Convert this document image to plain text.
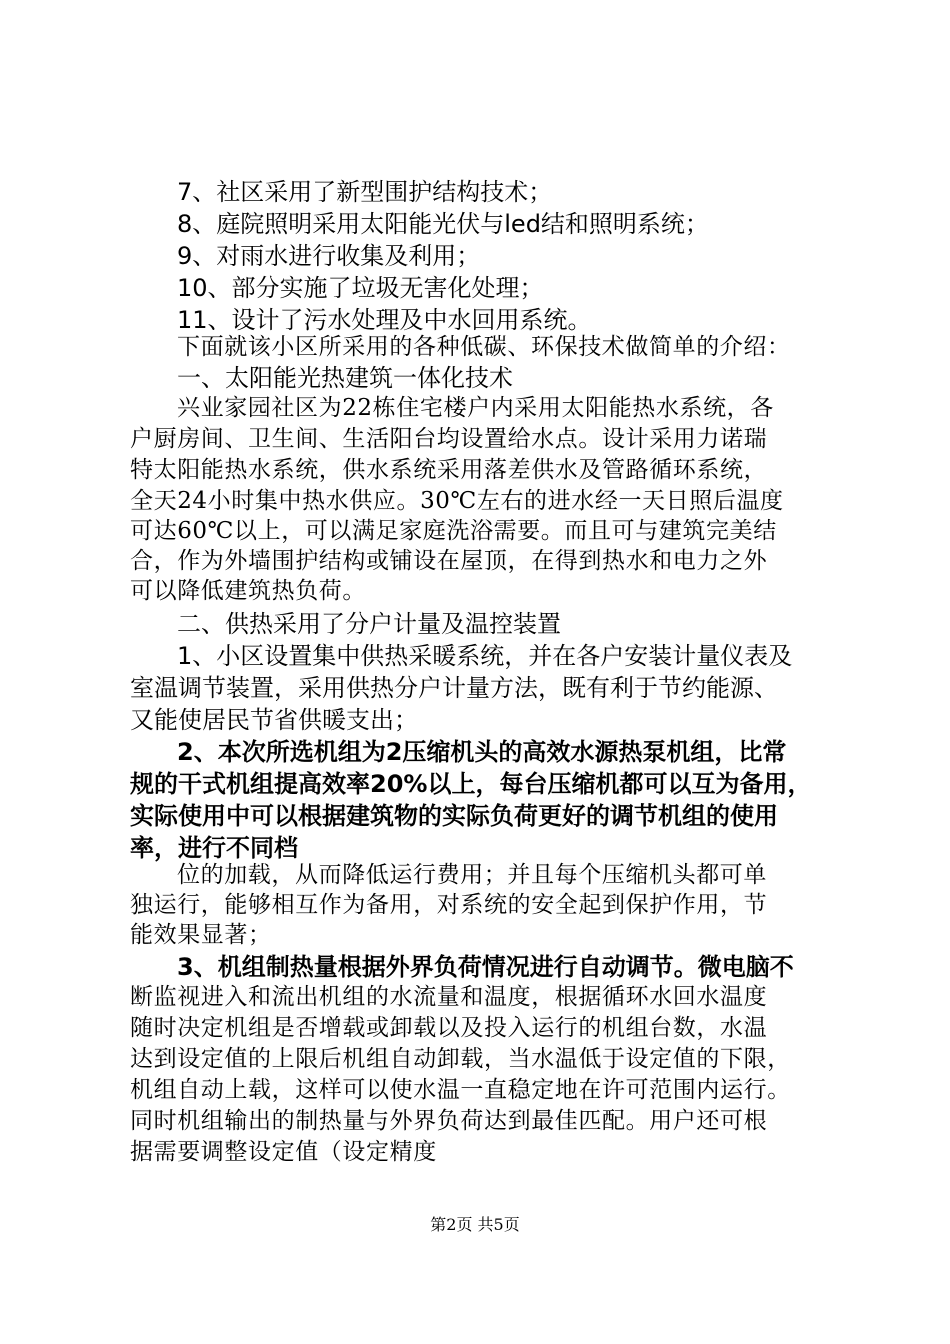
7、社区采用了新型围护结构技术；
8、庭院照明采用太阳能光伏与led结和照明系统；
9、对雨水进行收集及利用；
10、部分实施了垃圾无害化处理；
11、设计了污水处理及中水回用系统。
下面就该小区所采用的各种低碳、环保技术做简单的介绍：
一、太阳能光热建筑一体化技术
兴业家园社区为22栋住宅楼户内采用太阳能热水系统，各
户厨房间、卫生间、生活阳台均设置给水点。设计采用力诺瑞
特太阳能热水系统，供水系统采用落差供水及管路循环系统，
全天24小时集中热水供应。30℃左右的进水经一天日照后温度
可达60℃以上，可以满足家庭洗浴需要。而且可与建筑完美结
合，作为外墙围护结构或铺设在屋顶，在得到热水和电力之外
可以降低建筑热负荷。
二、供热采用了分户计量及温控装置
1、小区设置集中供热采暖系统，并在各户安装计量仪表及
室温调节装置，采用供热分户计量方法，既有利于节约能源、
又能使居民节省供暖支出；
2、本次所选机组为2压缩机头的高效水源热泵机组，比常
规的干式机组提高效率20%以上，每台压缩机都可以互为备用，
实际使用中可以根据建筑物的实际负荷更好的调节机组的使用
率，进行不同档
位的加载，从而降低运行费用；并且每个压缩机头都可单
独运行，能够相互作为备用，对系统的安全起到保护作用，节
能效果显著；
3、机组制热量根据外界负荷情况进行自动调节。微电脑不
断监视进入和流出机组的水流量和温度，根据循环水回水温度
随时决定机组是否增载或卸载以及投入运行的机组台数，水温
达到设定值的上限后机组自动卸载，当水温低于设定值的下限，
机组自动上载，这样可以使水温一直稳定地在许可范围内运行。
同时机组输出的制热量与外界负荷达到最佳匹配。用户还可根
据需要调整设定值（设定精度
第2页 共5页
